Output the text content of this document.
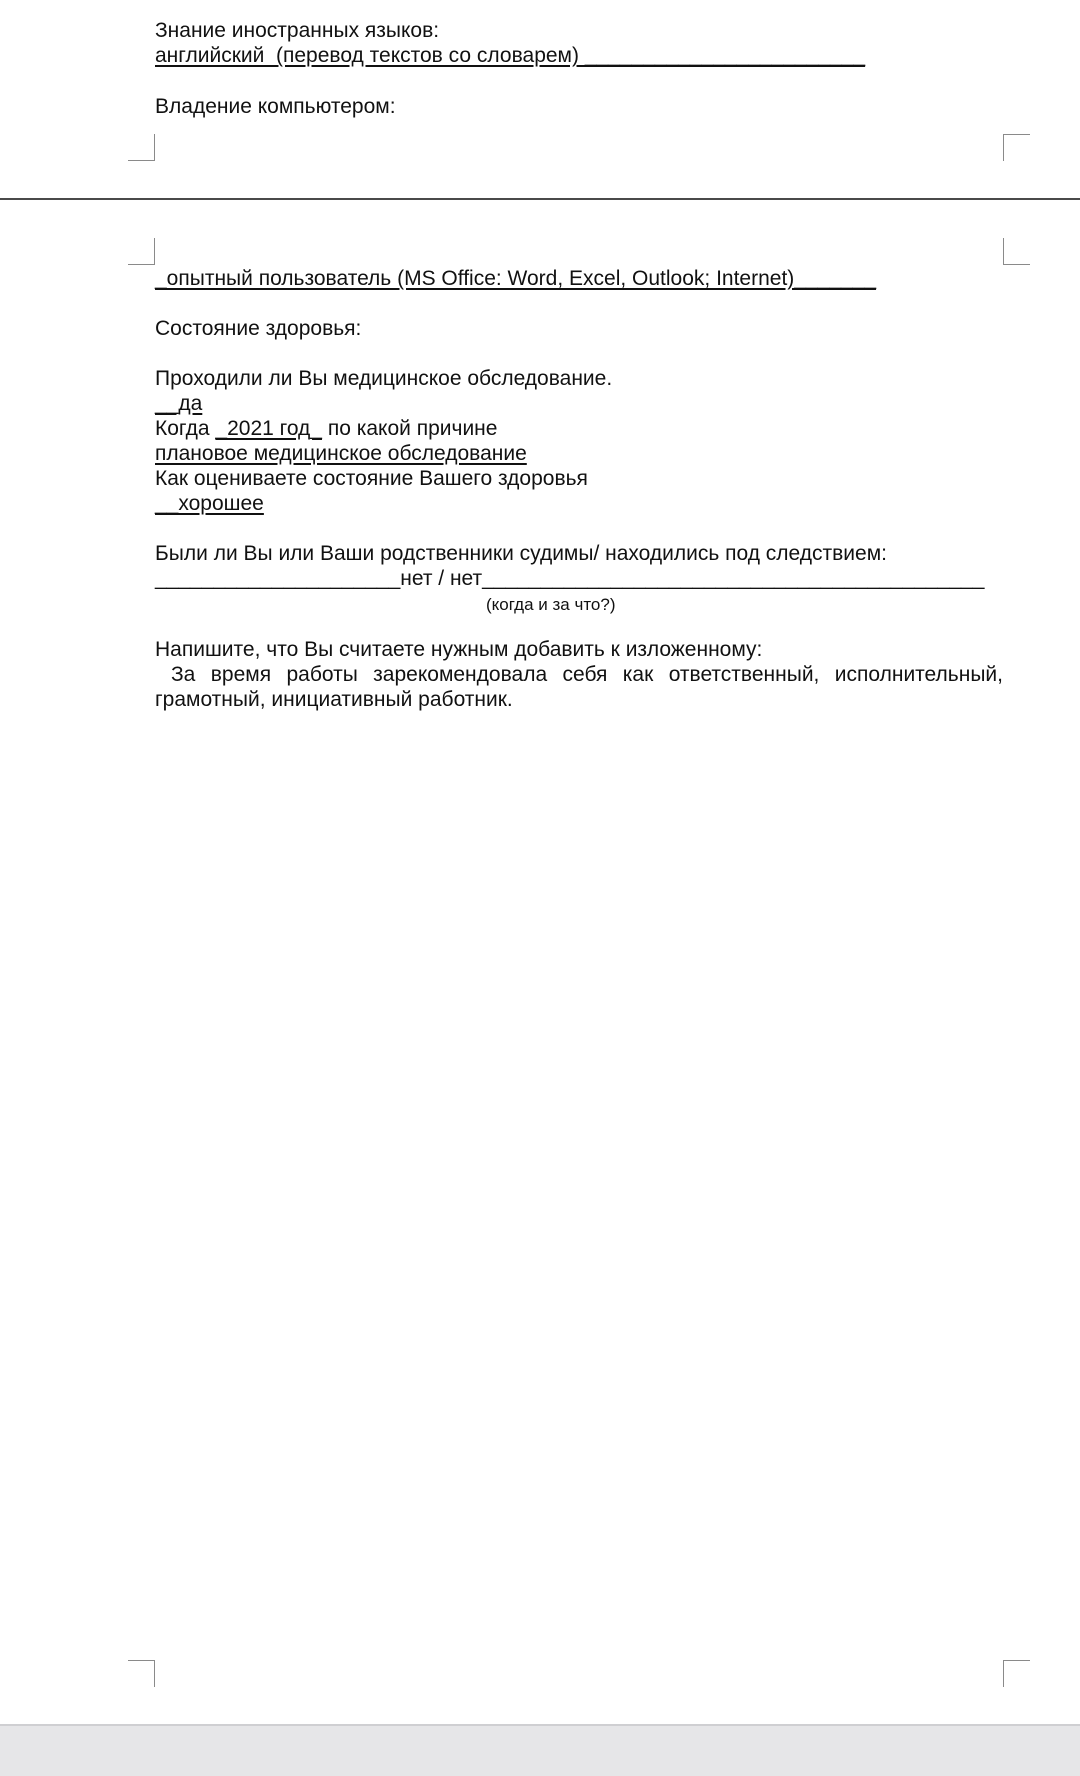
Знание иностранных языков:
английский  (перевод текстов со словарем) ________________________
Владение компьютером:
_опытный пользователь (MS Office: Word, Excel, Outlook; Internet)_______
Состояние здоровья:
Проходили ли Вы медицинское обследование.
__да
Когда _2021 год_ по какой причине
плановое медицинское обследование
Как оцениваете состояние Вашего здоровья
__хорошее
Были ли Вы или Ваши родственники судимы/ находились под следствием:
_____________________нет / нет___________________________________________
(когда и за что?)
Напишите, что Вы считаете нужным добавить к изложенному:
За время работы зарекомендовала себя как ответственный, исполнительный, грамотный, инициативный работник.
